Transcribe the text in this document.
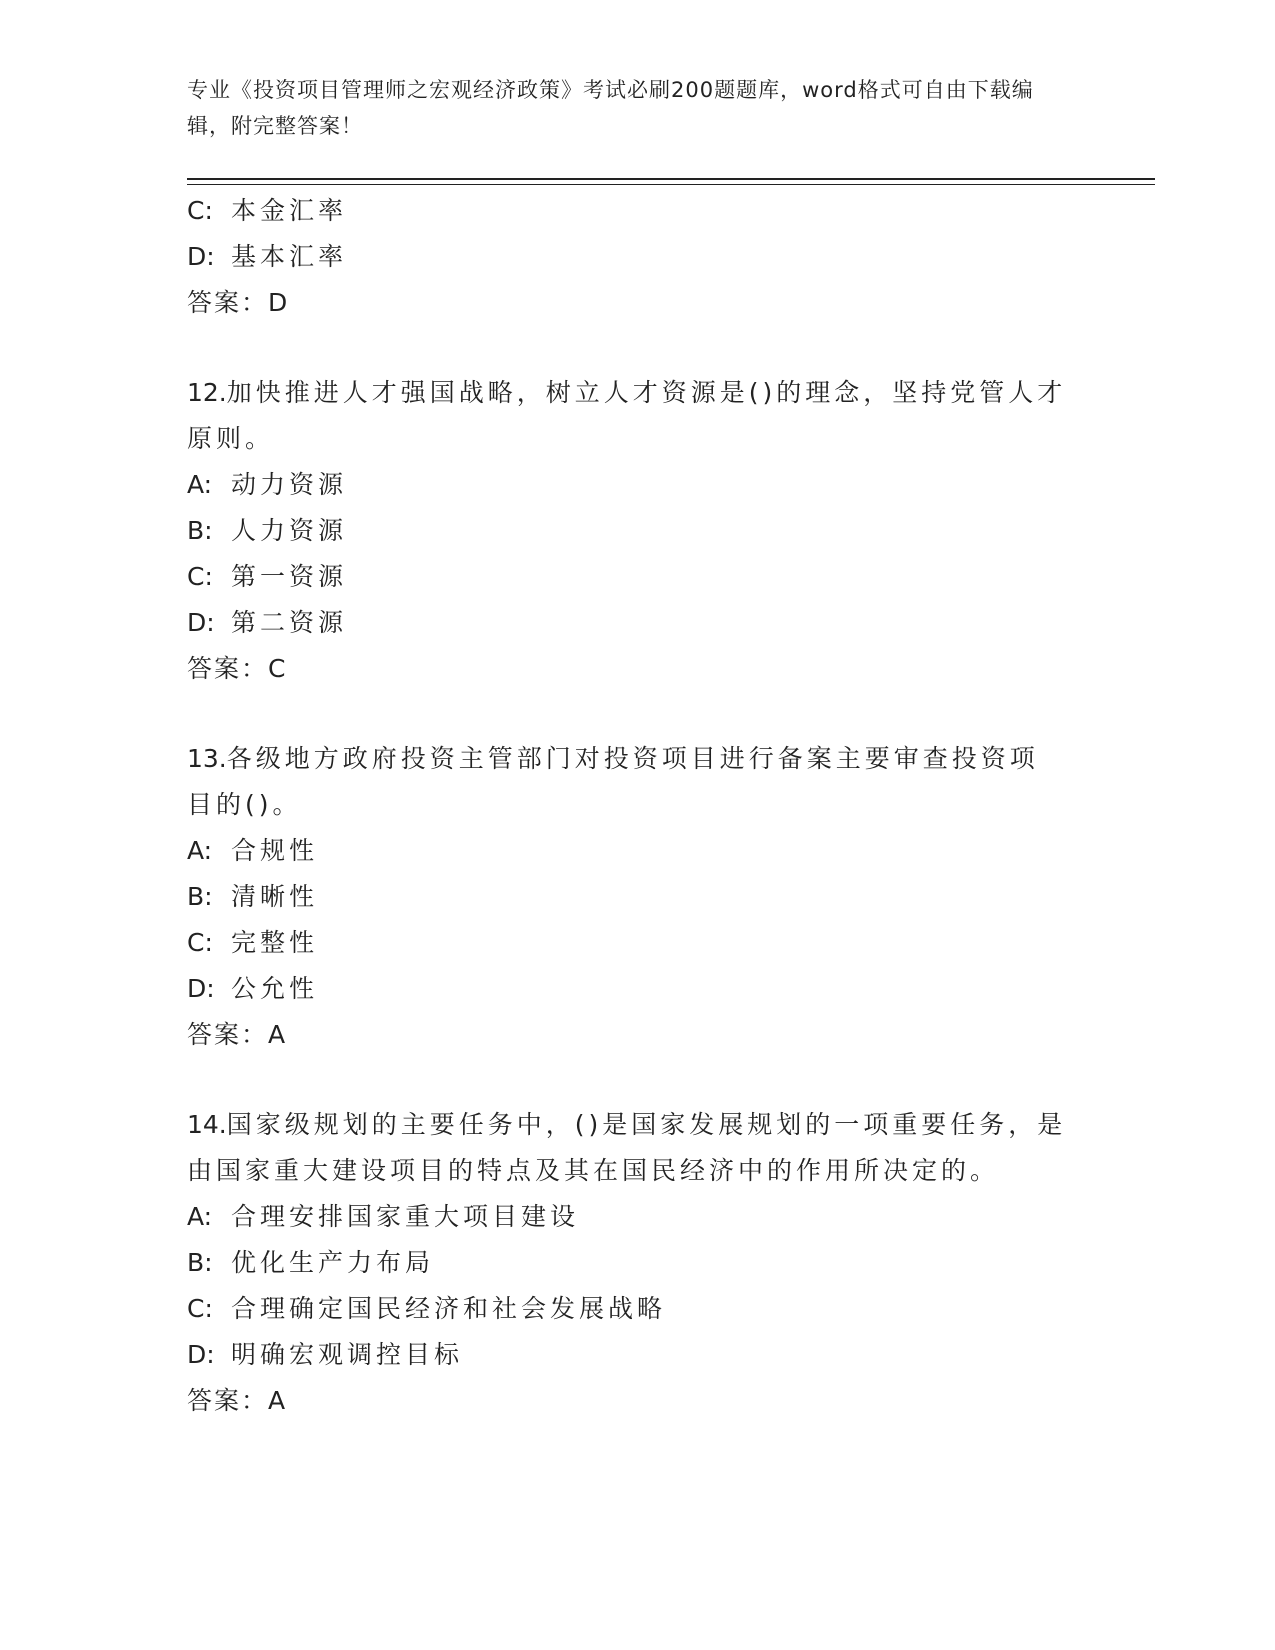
专业《投资项目管理师之宏观经济政策》考试必刷200题题库，word格式可自由下载编辑，附完整答案！
C: 本金汇率
D: 基本汇率
答案：D
12.加快推进人才强国战略，树立人才资源是()的理念，坚持党管人才原则。
A: 动力资源
B: 人力资源
C: 第一资源
D: 第二资源
答案：C
13.各级地方政府投资主管部门对投资项目进行备案主要审查投资项目的()。
A: 合规性
B: 清晰性
C: 完整性
D: 公允性
答案：A
14.国家级规划的主要任务中，()是国家发展规划的一项重要任务，是由国家重大建设项目的特点及其在国民经济中的作用所决定的。
A: 合理安排国家重大项目建设
B: 优化生产力布局
C: 合理确定国民经济和社会发展战略
D: 明确宏观调控目标
答案：A
